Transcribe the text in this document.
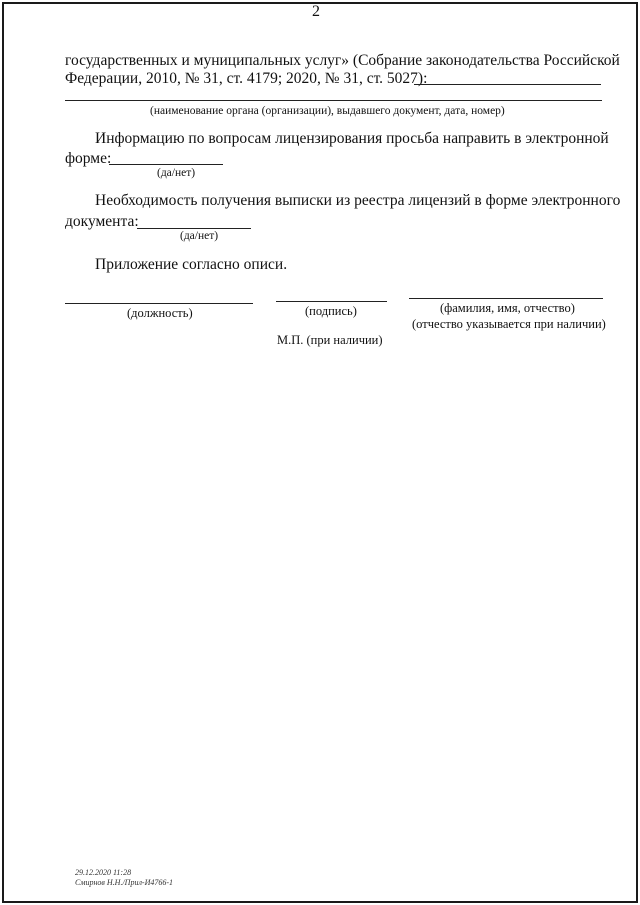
2
государственных и муниципальных услуг» (Собрание законодательства Российской
Федерации, 2010, № 31, ст. 4179; 2020, № 31, ст. 5027):
(наименование органа (организации), выдавшего документ, дата, номер)
Информацию по вопросам лицензирования просьба направить в электронной
форме:
(да/нет)
Необходимость получения выписки из реестра лицензий в форме электронного
документа:
(да/нет)
Приложение согласно описи.
(должность)	(подпись)	(фамилия, имя, отчество)
(отчество указывается при наличии)
М.П. (при наличии)
29.12.2020 11:28
Смирнов Н.Н./Прил-И4766-1
